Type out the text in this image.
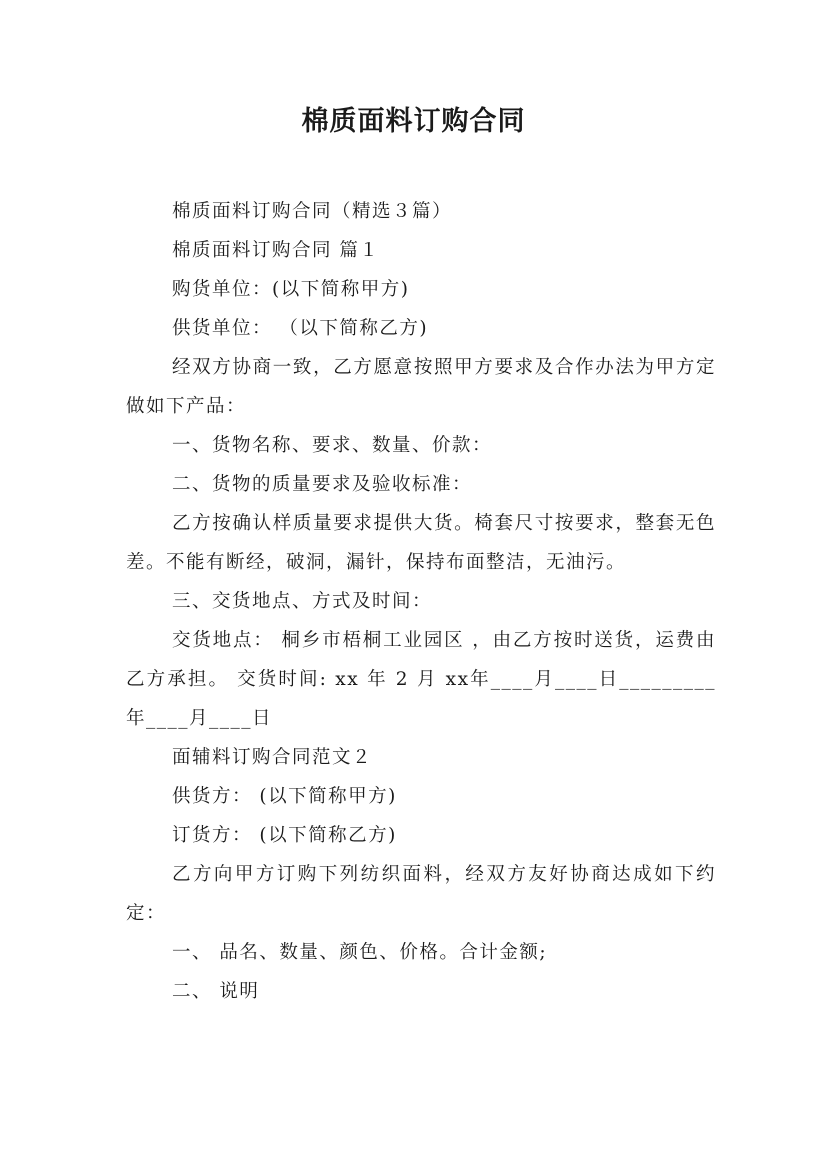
棉质面料订购合同

棉质面料订购合同（精选３篇）

棉质面料订购合同 篇１

购货单位：(以下简称甲方)

供货单位： （以下简称乙方)

经双方协商一致，乙方愿意按照甲方要求及合作办法为甲方定做如下产品：

一、货物名称、要求、数量、价款：

二、货物的质量要求及验收标准：

乙方按确认样质量要求提供大货。椅套尺寸按要求，整套无色差。不能有断经，破洞，漏针，保持布面整洁，无油污。

三、交货地点、方式及时间：

交货地点： 桐乡市梧桐工业园区 ，由乙方按时送货，运费由乙方承担。 交货时间: xx 年 2 月 xx年____月____日_________年____月____日

面辅料订购合同范文２

供货方： (以下简称甲方)

订货方： (以下简称乙方)

乙方向甲方订购下列纺织面料，经双方友好协商达成如下约定：

一、 品名、数量、颜色、价格。合计金额;

二、 说明
